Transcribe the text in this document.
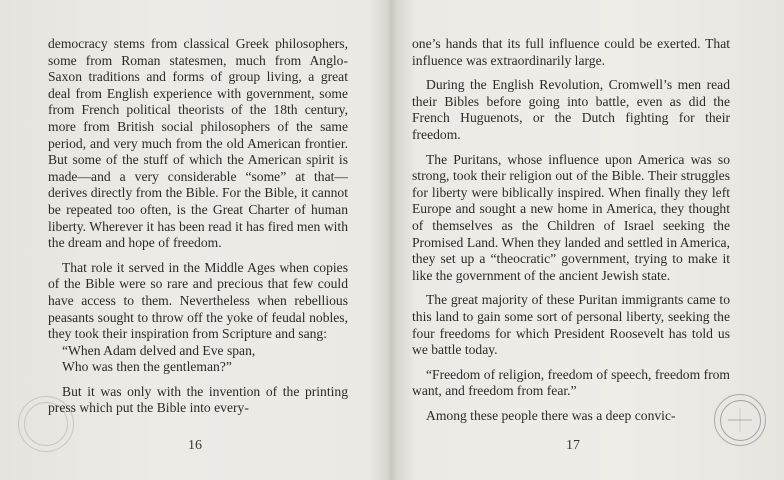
democracy stems from classical Greek philosophers, some from Roman statesmen, much from Anglo-Saxon traditions and forms of group living, a great deal from English experience with government, some from French political theorists of the 18th century, more from British social philosophers of the same period, and very much from the old American frontier. But some of the stuff of which the American spirit is made—and a very considerable “some” at that—derives directly from the Bible. For the Bible, it cannot be repeated too often, is the Great Charter of human liberty. Wherever it has been read it has fired men with the dream and hope of freedom.

That role it served in the Middle Ages when copies of the Bible were so rare and precious that few could have access to them. Nevertheless when rebellious peasants sought to throw off the yoke of feudal nobles, they took their inspiration from Scripture and sang:

“When Adam delved and Eve span,

Who was then the gentleman?”

But it was only with the invention of the printing press which put the Bible into every-

16

one’s hands that its full influence could be exerted. That influence was extraordinarily large.

During the English Revolution, Cromwell’s men read their Bibles before going into battle, even as did the French Huguenots, or the Dutch fighting for their freedom.

The Puritans, whose influence upon America was so strong, took their religion out of the Bible. Their struggles for liberty were biblically inspired. When finally they left Europe and sought a new home in America, they thought of themselves as the Children of Israel seeking the Promised Land. When they landed and settled in America, they set up a “theocratic” government, trying to make it like the government of the ancient Jewish state.

The great majority of these Puritan immigrants came to this land to gain some sort of personal liberty, seeking the four freedoms for which President Roosevelt has told us we battle today.

“Freedom of religion, freedom of speech, freedom from want, and freedom from fear.”

Among these people there was a deep convic-

17
